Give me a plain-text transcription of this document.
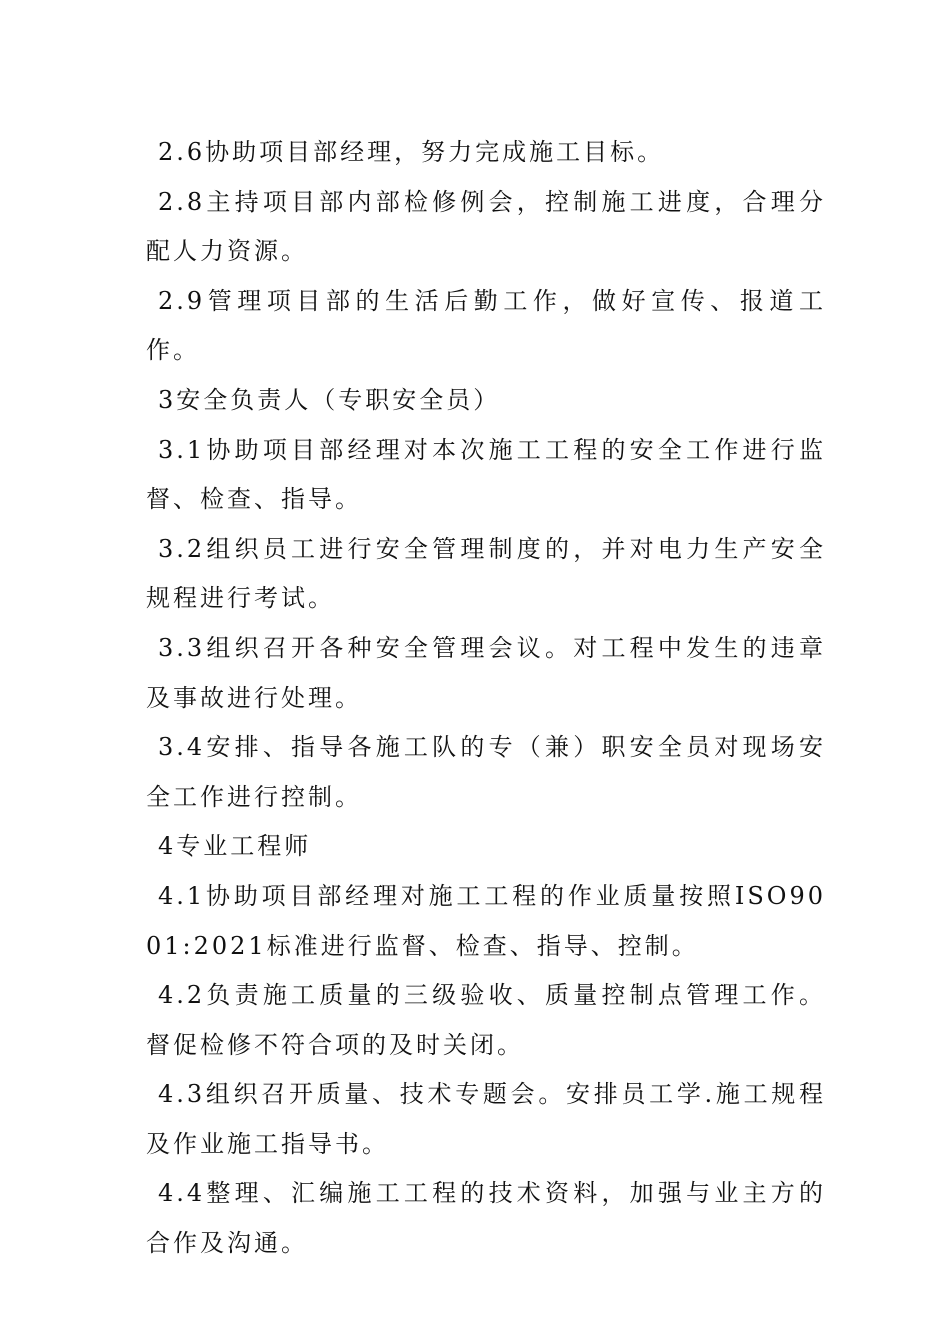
2.6协助项目部经理，努力完成施工目标。

2.8主持项目部内部检修例会，控制施工进度，合理分配人力资源。

2.9管理项目部的生活后勤工作，做好宣传、报道工作。

3安全负责人（专职安全员）

3.1协助项目部经理对本次施工工程的安全工作进行监督、检查、指导。

3.2组织员工进行安全管理制度的，并对电力生产安全规程进行考试。

3.3组织召开各种安全管理会议。对工程中发生的违章及事故进行处理。

3.4安排、指导各施工队的专（兼）职安全员对现场安全工作进行控制。

4专业工程师

4.1协助项目部经理对施工工程的作业质量按照ISO9001:2021标准进行监督、检查、指导、控制。

4.2负责施工质量的三级验收、质量控制点管理工作。督促检修不符合项的及时关闭。

4.3组织召开质量、技术专题会。安排员工学.施工规程及作业施工指导书。

4.4整理、汇编施工工程的技术资料，加强与业主方的合作及沟通。
